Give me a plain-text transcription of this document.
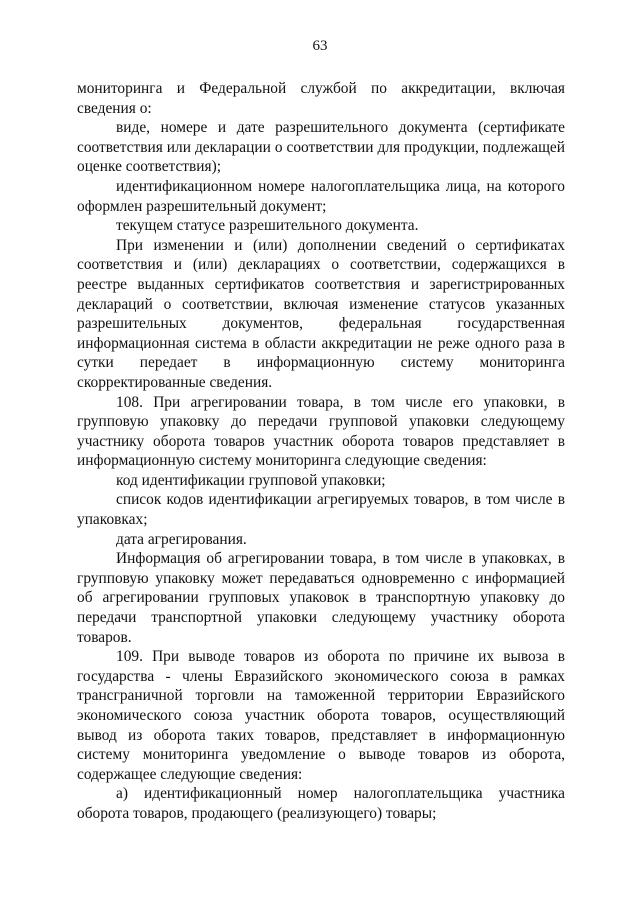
63

мониторинга и Федеральной службой по аккредитации, включая сведения о:

виде, номере и дате разрешительного документа (сертификате соответствия или декларации о соответствии для продукции, подлежащей оценке соответствия);

идентификационном номере налогоплательщика лица, на которого оформлен разрешительный документ;

текущем статусе разрешительного документа.

При изменении и (или) дополнении сведений о сертификатах соответствия и (или) декларациях о соответствии, содержащихся в реестре выданных сертификатов соответствия и зарегистрированных деклараций о соответствии, включая изменение статусов указанных разрешительных документов, федеральная государственная информационная система в области аккредитации не реже одного раза в сутки передает в информационную систему мониторинга скорректированные сведения.

108. При агрегировании товара, в том числе его упаковки, в групповую упаковку до передачи групповой упаковки следующему участнику оборота товаров участник оборота товаров представляет в информационную систему мониторинга следующие сведения:

код идентификации групповой упаковки;

список кодов идентификации агрегируемых товаров, в том числе в упаковках;

дата агрегирования.

Информация об агрегировании товара, в том числе в упаковках, в групповую упаковку может передаваться одновременно с информацией об агрегировании групповых упаковок в транспортную упаковку до передачи транспортной упаковки следующему участнику оборота товаров.

109. При выводе товаров из оборота по причине их вывоза в государства - члены Евразийского экономического союза в рамках трансграничной торговли на таможенной территории Евразийского экономического союза участник оборота товаров, осуществляющий вывод из оборота таких товаров, представляет в информационную систему мониторинга уведомление о выводе товаров из оборота, содержащее следующие сведения:

а) идентификационный номер налогоплательщика участника оборота товаров, продающего (реализующего) товары;
